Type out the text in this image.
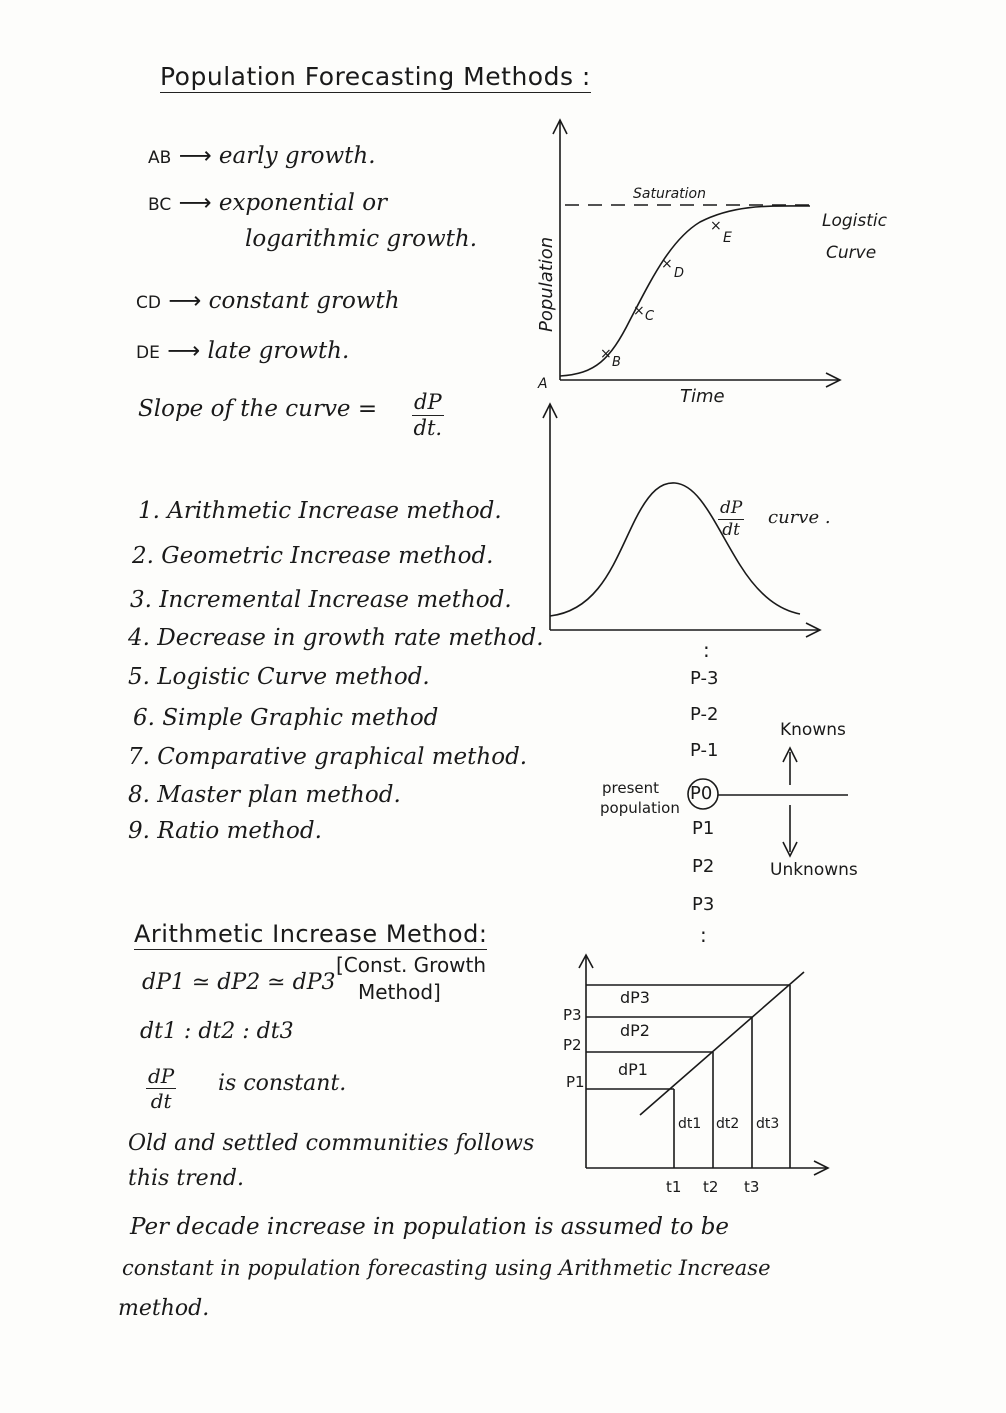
Population Forecasting Methods :
AB ⟶ early growth.
BC ⟶ exponential or
logarithmic growth.
CD ⟶ constant growth
DE ⟶ late growth.
Slope of the curve = $\frac{dP}{dt.}$
1. Arithmetic Increase method.
2. Geometric Increase method.
3. Incremental Increase method.
4. Decrease in growth rate method.
5. Logistic Curve method.
6. Simple Graphic method
7. Comparative graphical method.
8. Master plan method.
9. Ratio method.
×
×
×
×
B
C
D
E
A
Time
Population
Saturation
Logistic
Curve
$\frac{dP}{dt}$ curve .
:
P-3
P-2
P-1
P0
present
population
P1
P2
P3
:
Knowns
Unknowns
Arithmetic Increase Method:
[Const. Growth
Method]
dP1 ≃ dP2 ≃ dP3
dt1 : dt2 : dt3
$\frac{dP}{dt}$ is constant.
Old and settled communities follows
this trend.
P3
P2
P1
dP3
dP2
dP1
dt1 dt2 dt3
t1 t2 t3
Per decade increase in population is assumed to be
constant in population forecasting using Arithmetic Increase
method.
